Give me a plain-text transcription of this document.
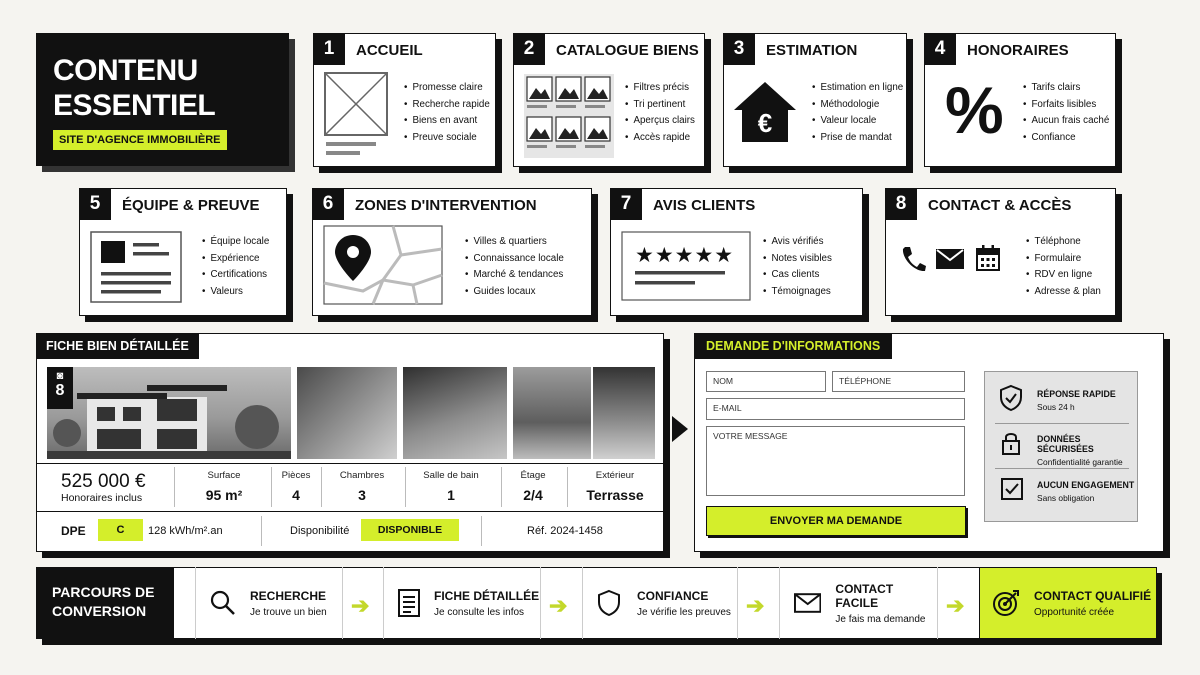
CONTENU
ESSENTIEL
SITE D'AGENCE IMMOBILIÈRE
1	ACCUEIL
• Promesse claire
• Recherche rapide
• Biens en avant
• Preuve sociale
2	CATALOGUE BIENS
• Filtres précis
• Tri pertinent
• Aperçus clairs
• Accès rapide
3	ESTIMATION
€
• Estimation en ligne
• Méthodologie
• Valeur locale
• Prise de mandat
4	HONORAIRES
%
•	Tarifs clairs
• Forfaits lisibles
• Aucun frais caché
• Confiance
5	ÉQUIPE & PREUVE
• Équipe locale
• Expérience
• Certifications
• Valeurs
6	ZONES D'INTERVENTION
• Villes & quartiers
• Connaissance locale
• Marché & tendances
• Guides locaux
7	AVIS CLIENTS
★★★★★
• Avis vérifiés
• Notes visibles
• Cas clients
• Témoignages
8	CONTACT & ACCÈS
• Téléphone
• Formulaire
• RDV en ligne
• Adresse & plan
FICHE BIEN DÉTAILLÉE
◙
8
525 000 €
Honoraires inclus
Surface
95 m²
Pièces
4
Chambres
3
Salle de bain
1
Étage
2/4
Extérieur
Terrasse
DPE	C	128 kWh/m².an	Disponibilité	DISPONIBLE	Réf. 2024-1458
DEMANDE D'INFORMATIONS
NOM	TÉLÉPHONE
E-MAIL
VOTRE MESSAGE
ENVOYER MA DEMANDE
RÉPONSE RAPIDE
Sous 24 h
DONNÉES SÉCURISÉES
Confidentialité garantie
AUCUN ENGAGEMENT
Sans obligation
PARCOURS DE
CONVERSION
RECHERCHE
Je trouve un bien ➔	FICHE DÉTAILLÉE
Je consulte les infos	➔	CONFIANCE
Je vérifie les preuves ➔
CONTACT FACILE
Je fais ma demande
➔	CONTACT QUALIFIÉ
Opportunité créée
